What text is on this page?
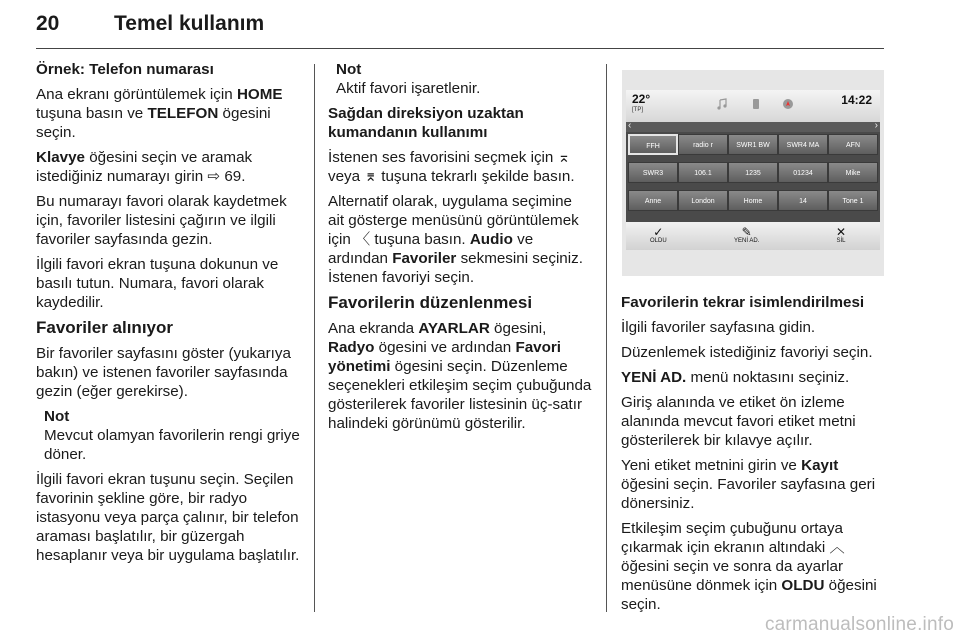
20	Temel kullanım

Örnek: Telefon numarası

Ana ekranı görüntülemek için HOME tuşuna basın ve TELEFON ögesini seçin.

Klavye öğesini seçin ve aramak istediğiniz numarayı girin ⇨ 69.

Bu numarayı favori olarak kaydetmek için, favoriler listesini çağırın ve ilgili favoriler sayfasında gezin.

İlgili favori ekran tuşuna dokunun ve basılı tutun. Numara, favori olarak kaydedilir.

Favoriler alınıyor

Bir favoriler sayfasını göster (yukarıya bakın) ve istenen favoriler sayfasında gezin (eğer gerekirse).

Not
Mevcut olamyan favorilerin rengi griye döner.

İlgili favori ekran tuşunu seçin. Seçilen favorinin şekline göre, bir radyo istasyonu veya parça çalınır, bir telefon araması başlatılır, bir güzergah hesaplanır veya bir uygulama başlatılır.

Not
Aktif favori işaretlenir.

Sağdan direksiyon uzaktan kumandanın kullanımı

İstenen ses favorisini seçmek için ⌅ veya ⌆ tuşuna tekrarlı şekilde basın.

Alternatif olarak, uygulama seçimine ait gösterge menüsünü görüntülemek için 〈 tuşuna basın. Audio ve ardından Favoriler sekmesini seçiniz. İstenen favoriyi seçin.

Favorilerin düzenlenmesi

Ana ekranda AYARLAR ögesini, Radyo ögesini ve ardından Favori yönetimi ögesini seçin. Düzenleme seçenekleri etkileşim seçim çubuğunda gösterilerek favoriler listesinin üç-satır halindeki görünümü gösterilir.

22°
[TP]
14:22
‹	›
FFH	radio r	SWR1 BW	SWR4 MA	AFN
SWR3	106.1	1235	01234	Mike
Anne	London	Home	14	Tone 1
✓
OLDU
✎
YENİ AD.
✕
SİL

Favorilerin tekrar isimlendirilmesi

İlgili favoriler sayfasına gidin.

Düzenlemek istediğiniz favoriyi seçin.

YENİ AD. menü noktasını seçiniz.

Giriş alanında ve etiket ön izleme alanında mevcut favori etiket metni gösterilerek bir kılavye açılır.

Yeni etiket metnini girin ve Kayıt öğesini seçin. Favoriler sayfasına geri dönersiniz.

Etkileşim seçim çubuğunu ortaya çıkarmak için ekranın altındaki ︿ öğesini seçin ve sonra da ayarlar menüsüne dönmek için OLDU öğesini seçin.

carmanualsonline.info
